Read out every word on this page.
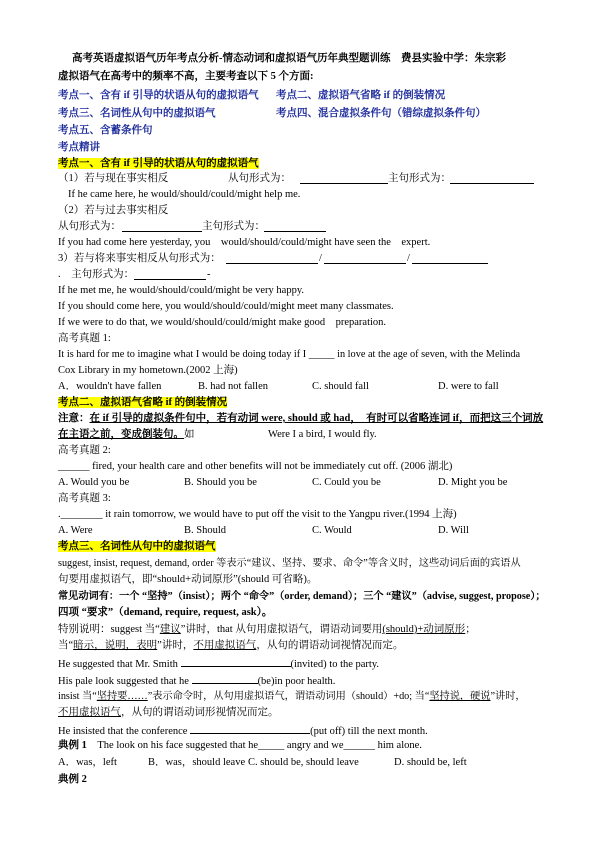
高考英语虚拟语气历年考点分析-情态动词和虚拟语气历年典型题训练　费县实验中学：朱宗彩
虚拟语气在高考中的频率不高，主要考查以下 5 个方面:
考点一、含有 if 引导的状语从句的虚拟语气 考点二、虚拟语气省略 if 的倒装情况
考点三、名词性从句中的虚拟语气	考点四、混合虚拟条件句（错综虚拟条件句）
考点五、含蓄条件句
考点精讲
考点一、含有 if 引导的状语从句的虚拟语气
（1）若与现在事实相反	从句形式为：	主句形式为：
If he came here, he would/should/could/might help me.
（2）若与过去事实相反
从句形式为：	主句形式为：
If you had come here yesterday, you　would/should/could/might have seen the　expert.
3）若与将来事实相反从句形式为：	/	/
.　主句形式为：	-
If he met me, he would/should/could/might be very happy.
If you should come here, you would/should/could/might meet many classmates.
If we were to do that, we would/should/could/might make good　preparation.
高考真题 1:
It is hard for me to imagine what I would be doing today if I _____ in love at the age of seven, with the Melinda
Cox Library in my hometown.(2002 上海)
A．wouldn't have fallen	B. had not fallen	C. should fall	D. were to fall
考点二、虚拟语气省略 if 的倒装情况
注意：在 if 引导的虚拟条件句中，若有动词 were, should 或 had，　有时可以省略连词 if，而把这三个词放
在主语之前，变成倒装句。如　　　　　　　Were I a bird, I would fly.
高考真题 2:
______ fired, your health care and other benefits will not be immediately cut off. (2006 湖北)
A. Would you be	B. Should you be	C. Could you be	D. Might you be
高考真题 3:
.________ it rain tomorrow, we would have to put off the visit to the Yangpu river.(1994 上海)
A. Were	B. Should	C. Would	D. Will
考点三、名词性从句中的虚拟语气
suggest, insist, request, demand, order 等表示“建议、坚持、要求、命令”等含义时，这些动词后面的宾语从
句要用虚拟语气，即“should+动词原形”(should 可省略)。
常见动词有：一个 “坚持”（insist）；两个 “命令”（order, demand）；三个 “建议”（advise, suggest, propose）；
四项 “要求”（demand, require, request, ask）。
特别说明：suggest 当“建议”讲时，that 从句用虚拟语气，谓语动词要用(should)+动词原形；
当“暗示，说明，表明”讲时，不用虚拟语气，从句的谓语动词视情况而定。
He suggested that Mr. Smith	(invited) to the party.
His pale look suggested that he	(be)in poor health.
insist 当“坚持要……”表示命令时，从句用虚拟语气，谓语动词用（should）+do; 当“坚持说，硬说”讲时，
不用虚拟语气，从句的谓语动词形视情况而定。
He insisted that the conference	(put off) till the next month.
典例 1　The look on his face suggested that he_____ angry and we______ him alone.
A．was，left	B．was，should leave C. should be, should leave	D. should be, left
典例 2
